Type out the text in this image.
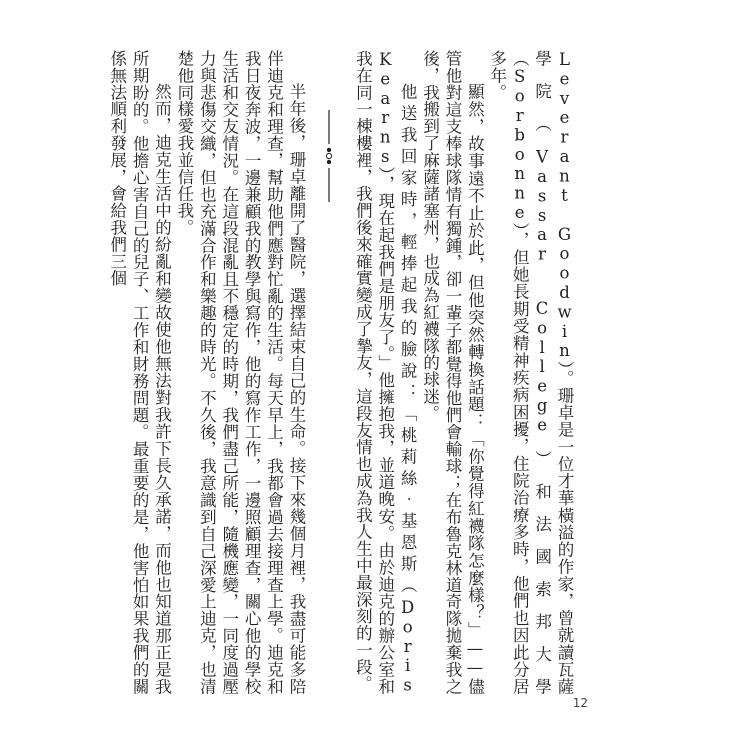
Leverant Goodwin）。珊卓是一位才華橫溢的作家，曾就讀瓦薩學院（Vassar College）和法國索邦大學（Sorbonne），但她長期受精神疾病困擾，住院治療多時，他們也因此分居多年。

顯然，故事遠不止於此，但他突然轉換話題：「你覺得紅襪隊怎麼樣？」——儘管他對這支棒球隊情有獨鍾，卻一輩子都覺得他們會輸球；在布魯克林道奇隊拋棄我之後，我搬到了麻薩諸塞州，也成為紅襪隊的球迷。

他送我回家時，輕捧起我的臉說：「桃莉絲‧基恩斯（Doris Kearns），現在起我們是朋友了。」他擁抱我，並道晚安。由於迪克的辦公室和我在同一棟樓裡，我們後來確實變成了摯友，這段友情也成為我人生中最深刻的一段。

半年後，珊卓離開了醫院，選擇結束自己的生命。接下來幾個月裡，我盡可能多陪伴迪克和理查，幫助他們應對忙亂的生活。每天早上，我都會過去接理查上學。迪克和我日夜奔波，一邊兼顧我的教學與寫作，他的寫作工作，一邊照顧理查，關心他的學校生活和交友情況。在這段混亂且不穩定的時期，我們盡己所能，隨機應變，一同度過壓力與悲傷交織，但也充滿合作和樂趣的時光。不久後，我意識到自己深愛上迪克，也清楚他同樣愛我並信任我。

然而，迪克生活中的紛亂和變故使他無法對我許下長久承諾，而他也知道那正是我所期盼的。他擔心害自己的兒子、工作和財務問題。最重要的是，他害怕如果我們的關係無法順利發展，會給我們三個

12
